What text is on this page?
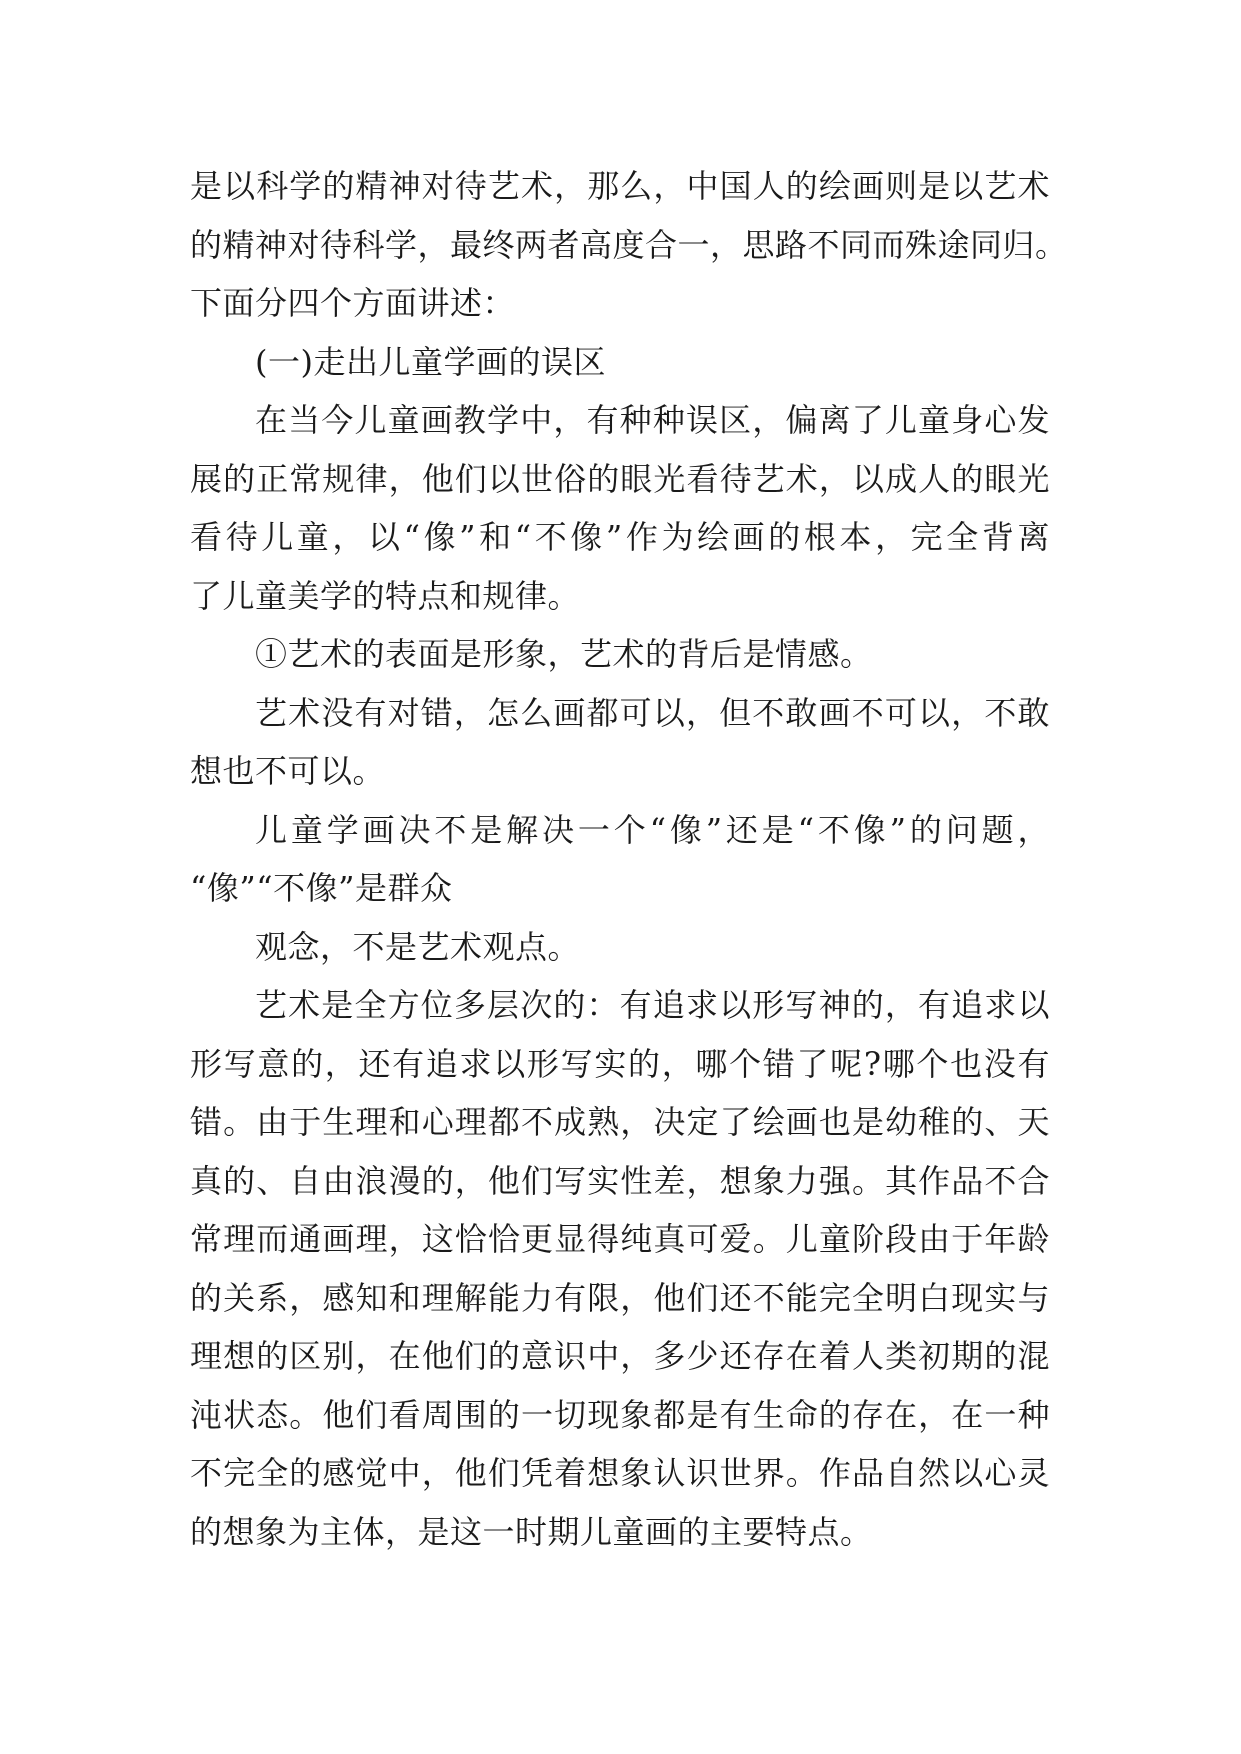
是以科学的精神对待艺术，那么，中国人的绘画则是以艺术
的精神对待科学，最终两者高度合一，思路不同而殊途同归。
下面分四个方面讲述：
(一)走出儿童学画的误区
在当今儿童画教学中，有种种误区，偏离了儿童身心发
展的正常规律，他们以世俗的眼光看待艺术，以成人的眼光
看待儿童，以“像”和“不像”作为绘画的根本，完全背离
了儿童美学的特点和规律。
①艺术的表面是形象，艺术的背后是情感。
艺术没有对错，怎么画都可以，但不敢画不可以，不敢
想也不可以。
儿童学画决不是解决一个“像”还是“不像”的问题，
“像”“不像”是群众
观念，不是艺术观点。
艺术是全方位多层次的：有追求以形写神的，有追求以
形写意的，还有追求以形写实的，哪个错了呢?哪个也没有
错。由于生理和心理都不成熟，决定了绘画也是幼稚的、天
真的、自由浪漫的，他们写实性差，想象力强。其作品不合
常理而通画理，这恰恰更显得纯真可爱。儿童阶段由于年龄
的关系，感知和理解能力有限，他们还不能完全明白现实与
理想的区别，在他们的意识中，多少还存在着人类初期的混
沌状态。他们看周围的一切现象都是有生命的存在，在一种
不完全的感觉中，他们凭着想象认识世界。作品自然以心灵
的想象为主体，是这一时期儿童画的主要特点。
